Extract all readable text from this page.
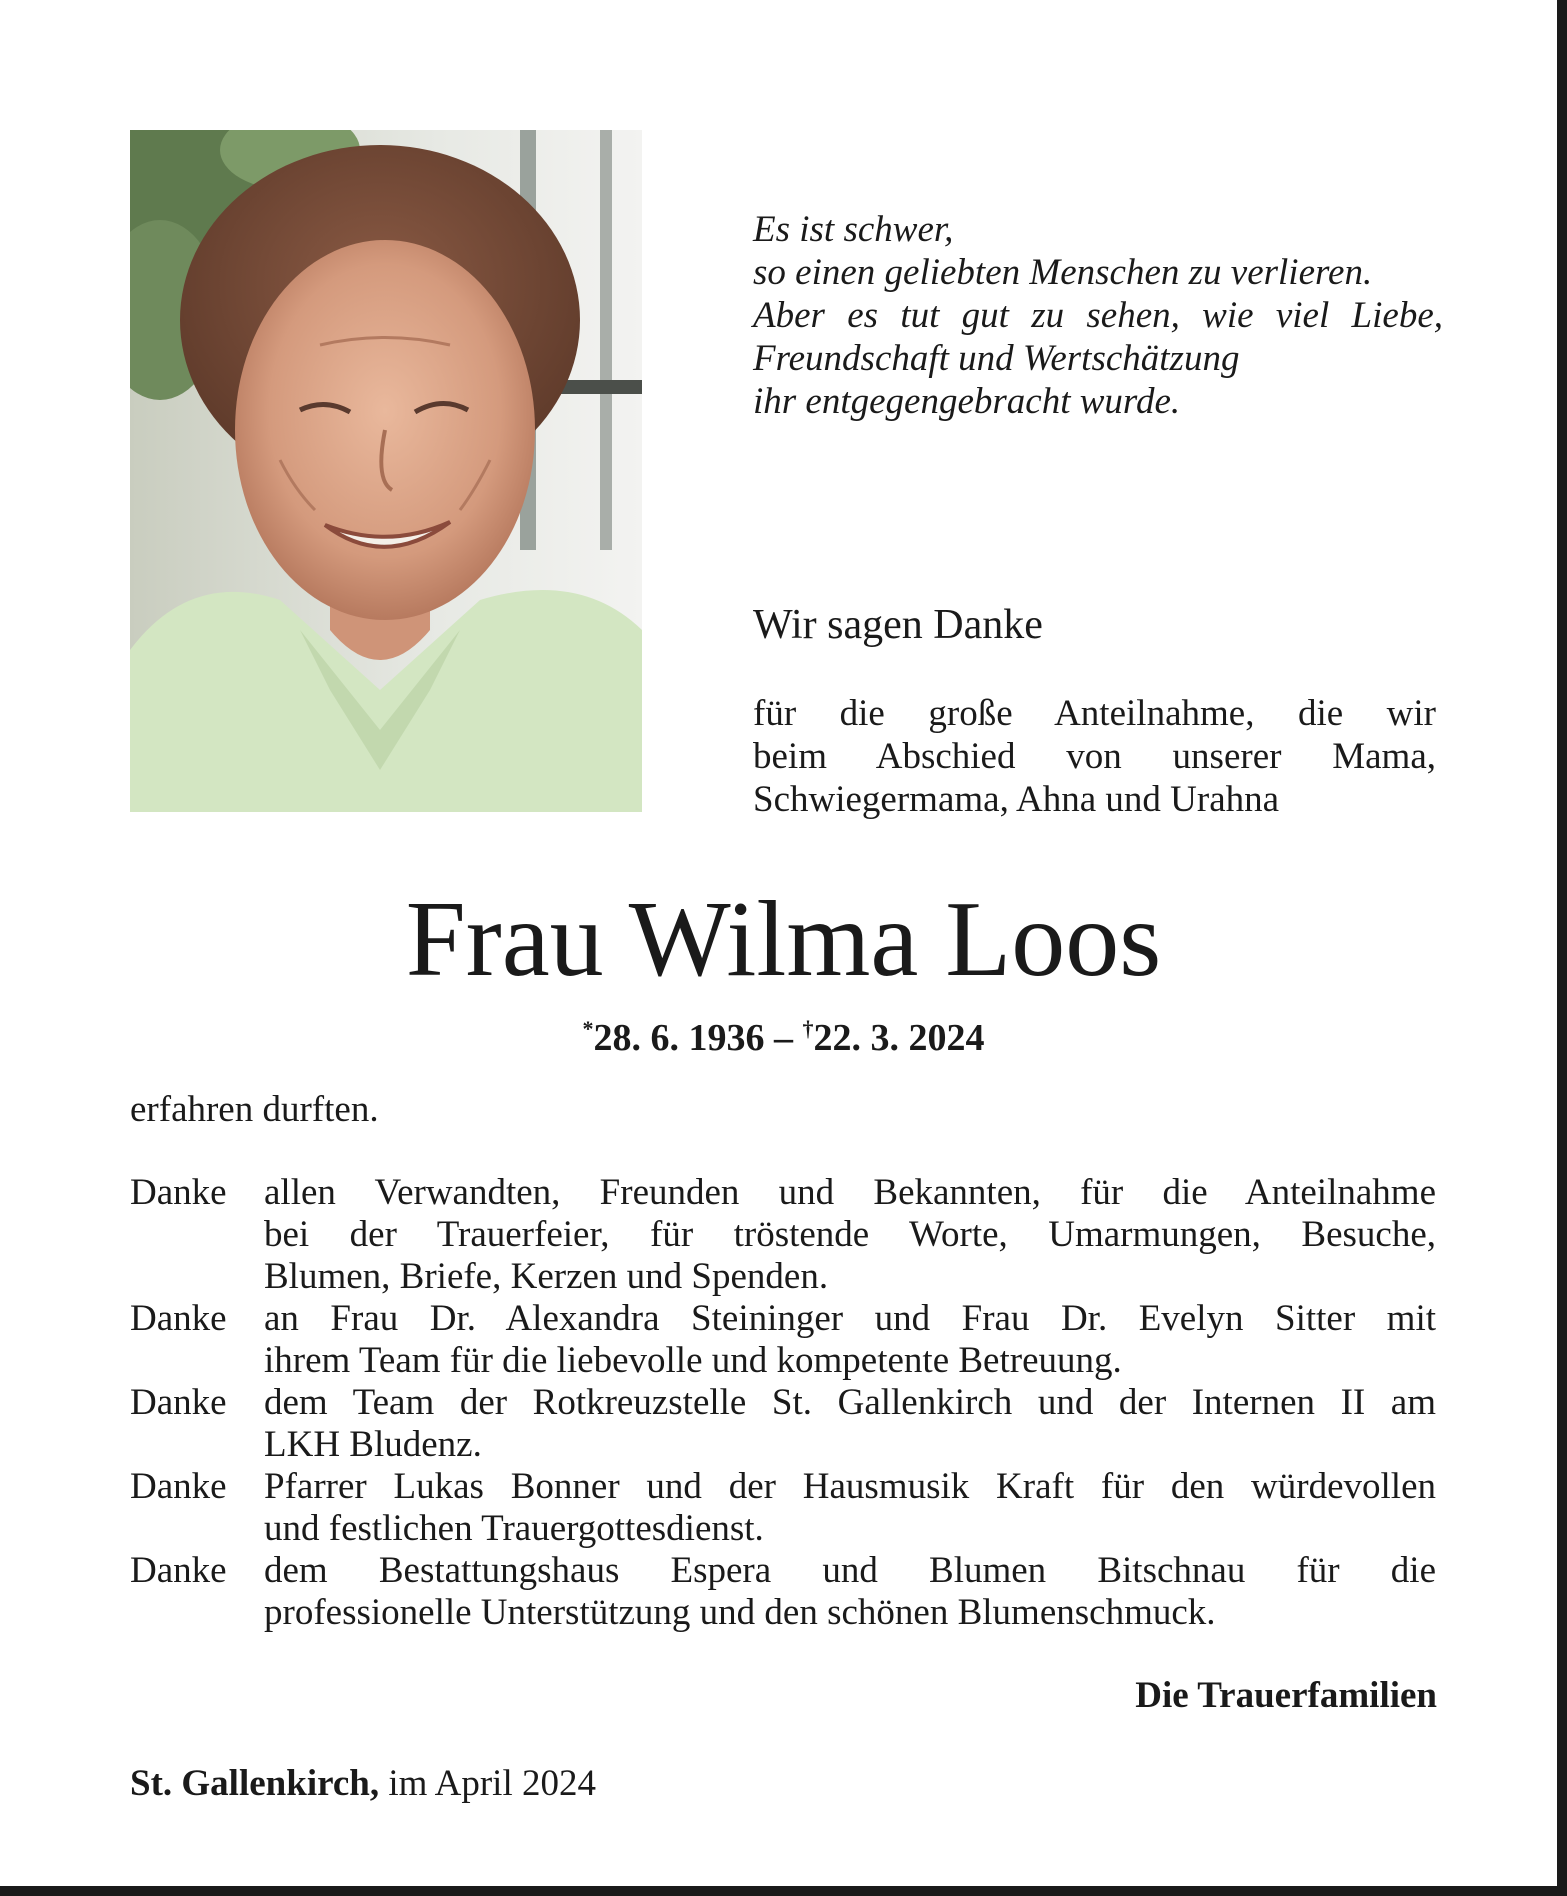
Es ist schwer,
so einen geliebten Menschen zu verlieren.
Aber es tut gut zu sehen, wie viel Liebe,
Freundschaft und Wertschätzung
ihr entgegengebracht wurde.

Wir sagen Danke
für die große Anteilnahme, die wir
beim Abschied von unserer Mama,
Schwiegermama, Ahna und Urahna
Frau Wilma Loos
*28. 6. 1936 – †22. 3. 2024
erfahren durften.
Danke	allen Verwandten, Freunden und Bekannten, für die Anteilnahme
bei der Trauerfeier, für tröstende Worte, Umarmungen, Besuche,
Blumen, Briefe, Kerzen und Spenden.
Danke	an Frau Dr. Alexandra Steininger und Frau Dr. Evelyn Sitter mit
ihrem Team für die liebevolle und kompetente Betreuung.
Danke	dem Team der Rotkreuzstelle St. Gallenkirch und der Internen II am
LKH Bludenz.
Danke	Pfarrer Lukas Bonner und der Hausmusik Kraft für den würdevollen
und festlichen Trauergottesdienst.
Danke	dem Bestattungshaus Espera und Blumen Bitschnau für die
professionelle Unterstützung und den schönen Blumenschmuck.
Die Trauerfamilien
St. Gallenkirch, im April 2024
